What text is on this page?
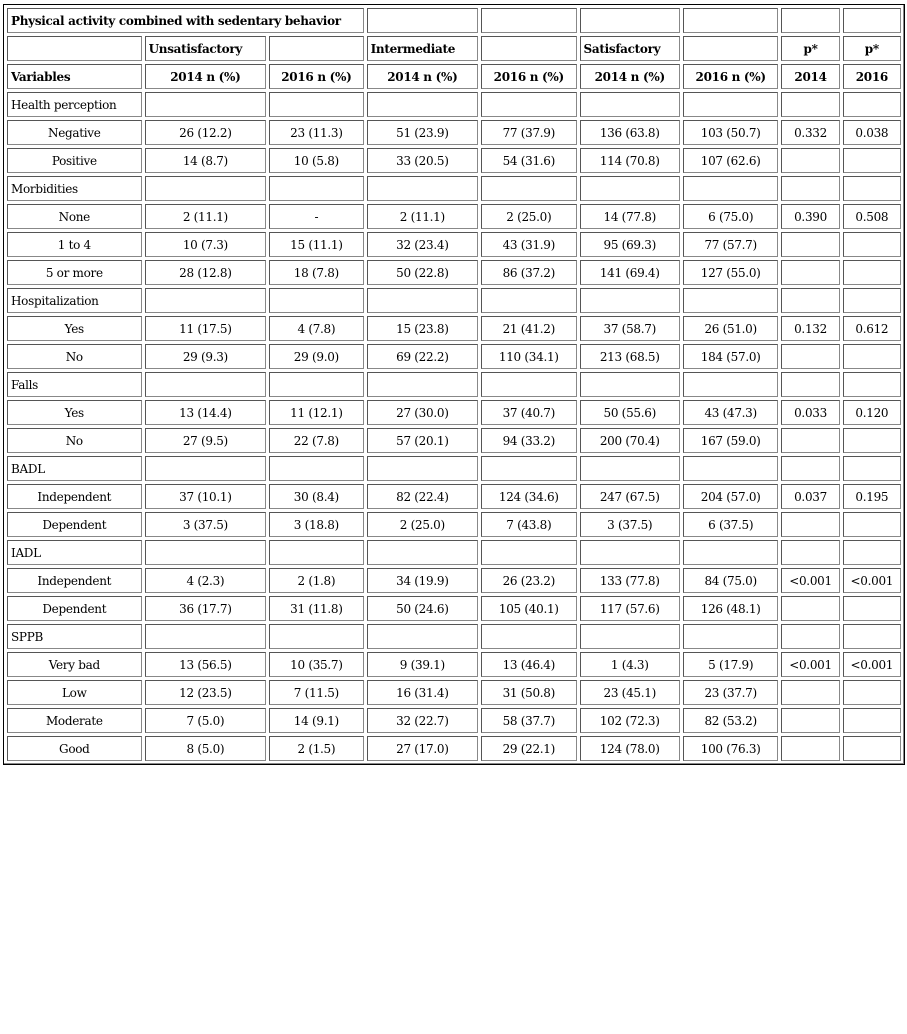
Physical activity combined with sedentary behavior								
	Unsatisfactory		Intermediate		Satisfactory		p*	p*
Variables	2014 n (%)	2016 n (%)	2014 n (%)	2016 n (%)	2014 n (%)	2016 n (%)	2014	2016
Health perception								
Negative	26 (12.2)	23 (11.3)	51 (23.9)	77 (37.9)	136 (63.8)	103 (50.7)	0.332	0.038
Positive	14 (8.7)	10 (5.8)	33 (20.5)	54 (31.6)	114 (70.8)	107 (62.6)		
Morbidities								
None	2 (11.1)	-	2 (11.1)	2 (25.0)	14 (77.8)	6 (75.0)	0.390	0.508
1 to 4	10 (7.3)	15 (11.1)	32 (23.4)	43 (31.9)	95 (69.3)	77 (57.7)		
5 or more	28 (12.8)	18 (7.8)	50 (22.8)	86 (37.2)	141 (69.4)	127 (55.0)		
Hospitalization								
Yes	11 (17.5)	4 (7.8)	15 (23.8)	21 (41.2)	37 (58.7)	26 (51.0)	0.132	0.612
No	29 (9.3)	29 (9.0)	69 (22.2)	110 (34.1)	213 (68.5)	184 (57.0)		
Falls								
Yes	13 (14.4)	11 (12.1)	27 (30.0)	37 (40.7)	50 (55.6)	43 (47.3)	0.033	0.120
No	27 (9.5)	22 (7.8)	57 (20.1)	94 (33.2)	200 (70.4)	167 (59.0)		
BADL								
Independent	37 (10.1)	30 (8.4)	82 (22.4)	124 (34.6)	247 (67.5)	204 (57.0)	0.037	0.195
Dependent	3 (37.5)	3 (18.8)	2 (25.0)	7 (43.8)	3 (37.5)	6 (37.5)		
IADL								
Independent	4 (2.3)	2 (1.8)	34 (19.9)	26 (23.2)	133 (77.8)	84 (75.0)	<0.001	<0.001
Dependent	36 (17.7)	31 (11.8)	50 (24.6)	105 (40.1)	117 (57.6)	126 (48.1)		
SPPB								
Very bad	13 (56.5)	10 (35.7)	9 (39.1)	13 (46.4)	1 (4.3)	5 (17.9)	<0.001	<0.001
Low	12 (23.5)	7 (11.5)	16 (31.4)	31 (50.8)	23 (45.1)	23 (37.7)		
Moderate	7 (5.0)	14 (9.1)	32 (22.7)	58 (37.7)	102 (72.3)	82 (53.2)		
Good	8 (5.0)	2 (1.5)	27 (17.0)	29 (22.1)	124 (78.0)	100 (76.3)		
